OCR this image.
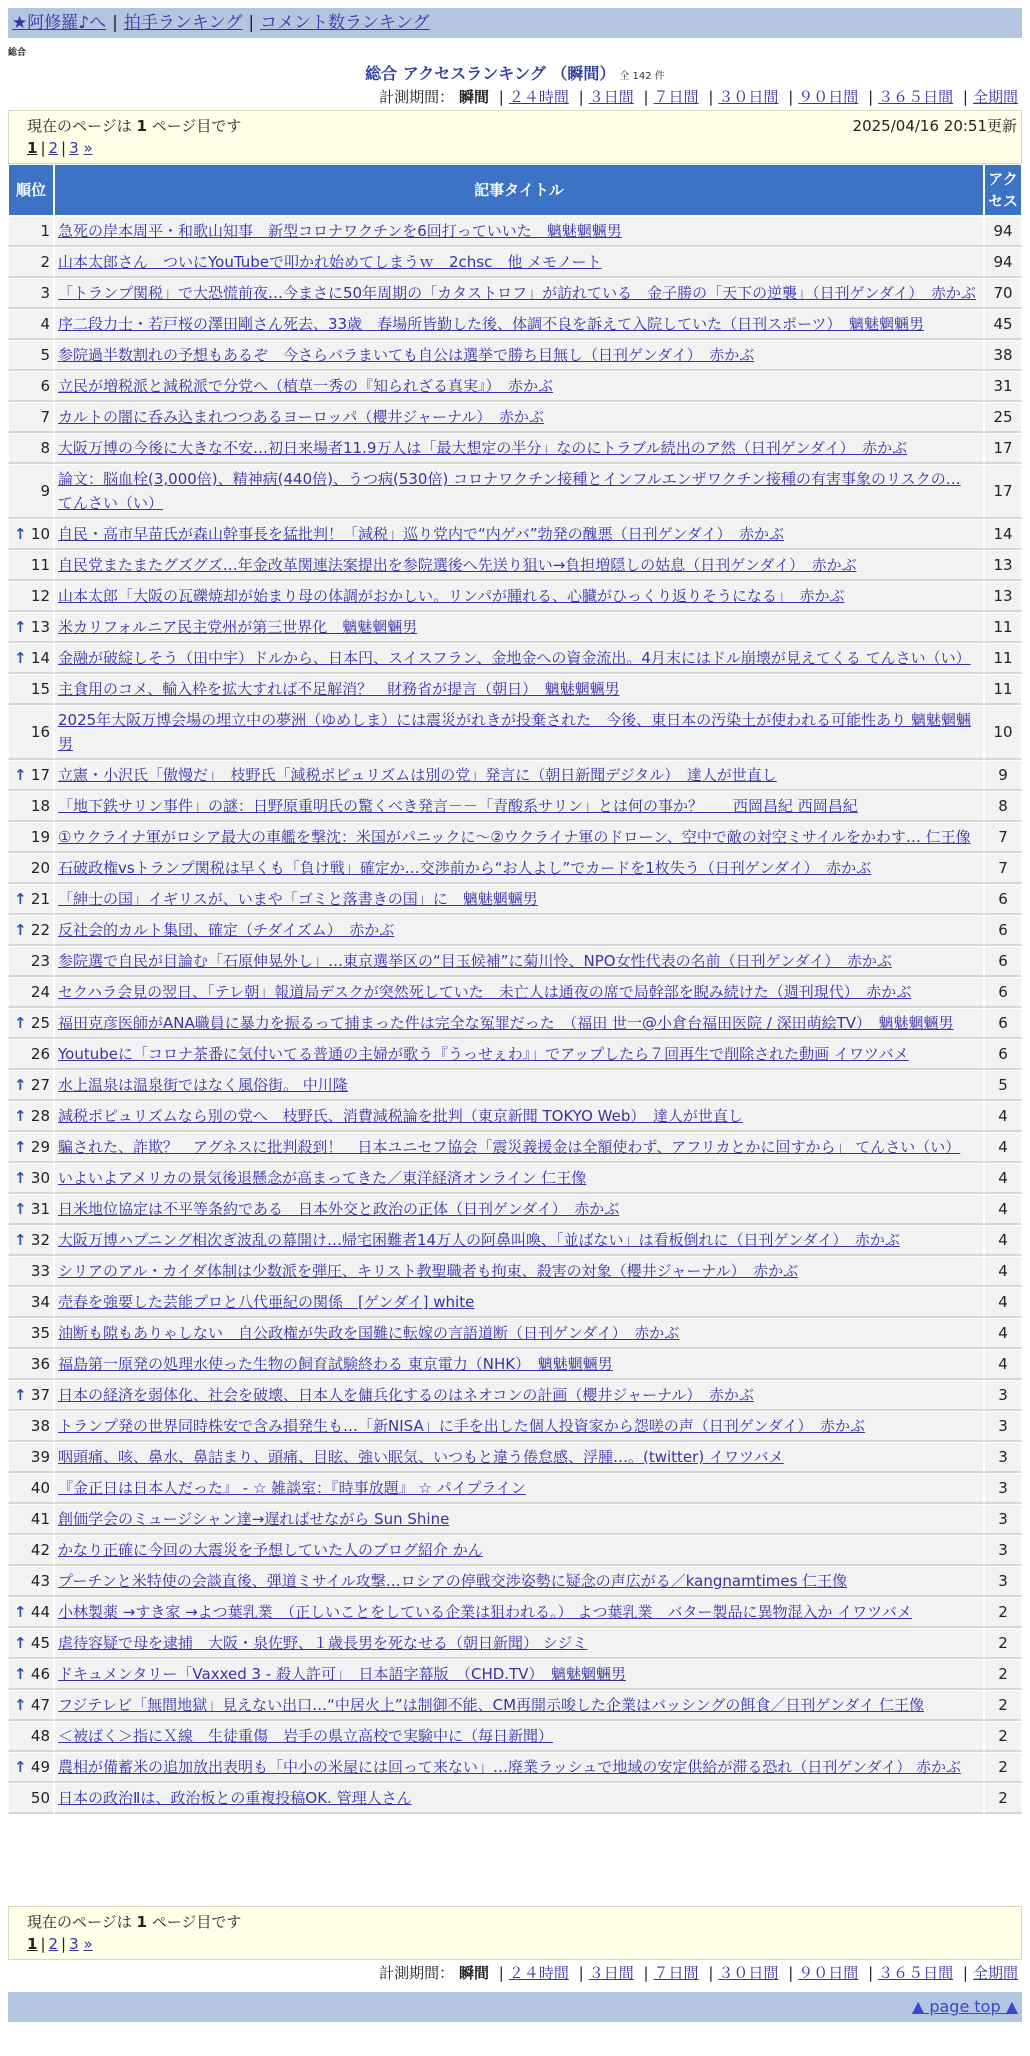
★阿修羅♪へ | 拍手ランキング | コメント数ランキング
総合
総合 アクセスランキング （瞬間） 全 142 件
計測期間： 瞬間 | ２４時間 | ３日間 | ７日間 | ３０日間 | ９０日間 | ３６５日間 | 全期間
現在のページは 1 ページ目です	2025/04/16 20:51更新
1 | 2 | 3 »
順位	記事タイトル	アクセス
1	急死の岸本周平・和歌山知事　新型コロナワクチンを6回打っていいた　魑魅魍魎男	94
2	山本太郎さん　ついにYouTubeで叩かれ始めてしまうｗ　2chsc　他 メモノート	94
3	「トランプ関税」で大恐慌前夜…今まさに50年周期の「カタストロフ」が訪れている　金子勝の「天下の逆襲」（日刊ゲンダイ）　赤かぶ	70
4	序二段力士・若戸桜の澤田剛さん死去、33歳　春場所皆勤した後、体調不良を訴えて入院していた（日刊スポーツ）　魑魅魍魎男	45
5	参院過半数割れの予想もあるぞ　今さらバラまいても自公は選挙で勝ち目無し（日刊ゲンダイ）　赤かぶ	38
6	立民が増税派と減税派で分党へ（植草一秀の『知られざる真実』）　赤かぶ	31
7	カルトの闇に呑み込まれつつあるヨーロッパ（櫻井ジャーナル）　赤かぶ	25
8	大阪万博の今後に大きな不安…初日来場者11.9万人は「最大想定の半分」なのにトラブル続出のア然（日刊ゲンダイ）　赤かぶ	17
9	論文：脳血栓(3,000倍)、精神病(440倍)、うつ病(530倍) コロナワクチン接種とインフルエンザワクチン接種の有害事象のリスクの… てんさい（い）	17

↑ 10	自民・高市早苗氏が森山幹事長を猛批判！「減税」巡り党内で“内ゲバ”勃発の醜悪（日刊ゲンダイ）　赤かぶ	14
11	自民党またまたグズグズ…年金改革関連法案提出を参院選後へ先送り狙い→負担増隠しの姑息（日刊ゲンダイ）　赤かぶ	13
12	山本太郎「大阪の瓦礫焼却が始まり母の体調がおかしい。リンパが腫れる、心臓がひっくり返りそうになる」　赤かぶ	13

↑ 13	米カリフォルニア民主党州が第三世界化　魑魅魍魎男	11

↑ 14	金融が破綻しそう（田中宇）ドルから、日本円、スイスフラン、金地金への資金流出。4月末にはドル崩壊が見えてくる てんさい（い）	11
15	主食用のコメ、輸入枠を拡大すれば不足解消？　財務省が提言（朝日）　魑魅魍魎男	11
16	2025年大阪万博会場の埋立中の夢洲（ゆめしま）には震災がれきが投棄された　今後、東日本の汚染土が使われる可能性あり 魑魅魍魎男	10

↑ 17	立憲・小沢氏「傲慢だ」　枝野氏「減税ポピュリズムは別の党」発言に（朝日新聞デジタル）　達人が世直し	9
18	「地下鉄サリン事件」の謎：日野原重明氏の驚くべき発言－－「青酸系サリン」とは何の事か？　　西岡昌紀 西岡昌紀	8
19	①ウクライナ軍がロシア最大の車艦を撃沈：米国がパニックに～②ウクライナ軍のドローン、空中で敵の対空ミサイルをかわす… 仁王像	7
20	石破政権vsトランプ関税は早くも「負け戦」確定か…交渉前から“お人よし”でカードを1枚失う（日刊ゲンダイ）　赤かぶ	7

↑ 21	「紳士の国」イギリスが、いまや「ゴミと落書きの国」に　魑魅魍魎男	6

↑ 22	反社会的カルト集団、確定（チダイズム）　赤かぶ	6
23	参院選で自民が目論む「石原伸晃外し」…東京選挙区の“目玉候補”に菊川怜、NPO女性代表の名前（日刊ゲンダイ）　赤かぶ	6
24	セクハラ会見の翌日、「テレ朝」報道局デスクが突然死していた　未亡人は通夜の席で局幹部を睨み続けた（週刊現代）　赤かぶ	6

↑ 25	福田克彦医師がANA職員に暴力を振るって捕まった件は完全な冤罪だった　（福田 世一@小倉台福田医院 / 深田萌絵TV）　魑魅魍魎男	6
26	Youtubeに「コロナ茶番に気付いてる普通の主婦が歌う『うっせぇわ』」でアップしたら７回再生で削除された動画 イワツバメ	6

↑ 27	水上温泉は温泉街ではなく風俗街。 中川隆	5

↑ 28	減税ポピュリズムなら別の党へ　枝野氏、消費減税論を批判（東京新聞 TOKYO Web）　達人が世直し	4

↑ 29	騙された、詐欺？　アグネスに批判殺到！　日本ユニセフ協会「震災義援金は全額使わず、アフリカとかに回すから」 てんさい（い）	4

↑ 30	いよいよアメリカの景気後退懸念が高まってきた／東洋経済オンライン 仁王像	4

↑ 31	日米地位協定は不平等条約である　日本外交と政治の正体（日刊ゲンダイ）　赤かぶ	4

↑ 32	大阪万博ハプニング相次ぎ波乱の幕開け…帰宅困難者14万人の阿鼻叫喚、「並ばない」は看板倒れに（日刊ゲンダイ）　赤かぶ	4
33	シリアのアル・カイダ体制は少数派を弾圧、キリスト教聖職者も拘束、殺害の対象（櫻井ジャーナル）　赤かぶ	4
34	売春を強要した芸能プロと八代亜紀の関係　[ゲンダイ] white	4
35	油断も隙もありゃしない　自公政権が失政を国難に転嫁の言語道断（日刊ゲンダイ）　赤かぶ	4
36	福島第一原発の処理水使った生物の飼育試験終わる 東京電力（NHK）　魑魅魍魎男	4

↑ 37	日本の経済を弱体化、社会を破壊、日本人を傭兵化するのはネオコンの計画（櫻井ジャーナル）　赤かぶ	3
38	トランプ発の世界同時株安で含み損発生も…「新NISA」に手を出した個人投資家から怨嗟の声（日刊ゲンダイ）　赤かぶ	3
39	咽頭痛、咳、鼻水、鼻詰まり、頭痛、目眩、強い眠気、いつもと違う倦怠感、浮腫…。(twitter) イワツバメ	3
40	『金正日は日本人だった』 - ☆ 雑談室：『時事放題』 ☆ パイプライン	3
41	創価学会のミュージシャン達→遅ればせながら Sun Shine	3
42	かなり正確に今回の大震災を予想していた人のブログ紹介 かん	3
43	プーチンと米特使の会談直後、弾道ミサイル攻撃…ロシアの停戦交渉姿勢に疑念の声広がる／kangnamtimes 仁王像	3

↑ 44	小林製薬 →すき家 →よつ葉乳業　（正しいことをしている企業は狙われる。） よつ葉乳業　バター製品に異物混入か イワツバメ	2

↑ 45	虐待容疑で母を逮捕　大阪・泉佐野、１歳長男を死なせる（朝日新聞） シジミ	2

↑ 46	ドキュメンタリー「Vaxxed 3 ‐ 殺人許可」　日本語字幕版　（CHD.TV）　魑魅魍魎男	2

↑ 47	フジテレビ「無間地獄」見えない出口…“中居火上”は制御不能、CM再開示唆した企業はバッシングの餌食／日刊ゲンダイ 仁王像	2
48	＜被ばく＞指にＸ線　生徒重傷　岩手の県立高校で実験中に（毎日新聞）	2

↑ 49	農相が備蓄米の追加放出表明も「中小の米屋には回って来ない」…廃業ラッシュで地域の安定供給が滞る恐れ（日刊ゲンダイ） 赤かぶ	2
50	日本の政治Ⅱは、政治板との重複投稿OK. 管理人さん	2
現在のページは 1 ページ目です
1 | 2 | 3 »
計測期間： 瞬間 | ２４時間 | ３日間 | ７日間 | ３０日間 | ９０日間 | ３６５日間 | 全期間
▲ page top ▲
